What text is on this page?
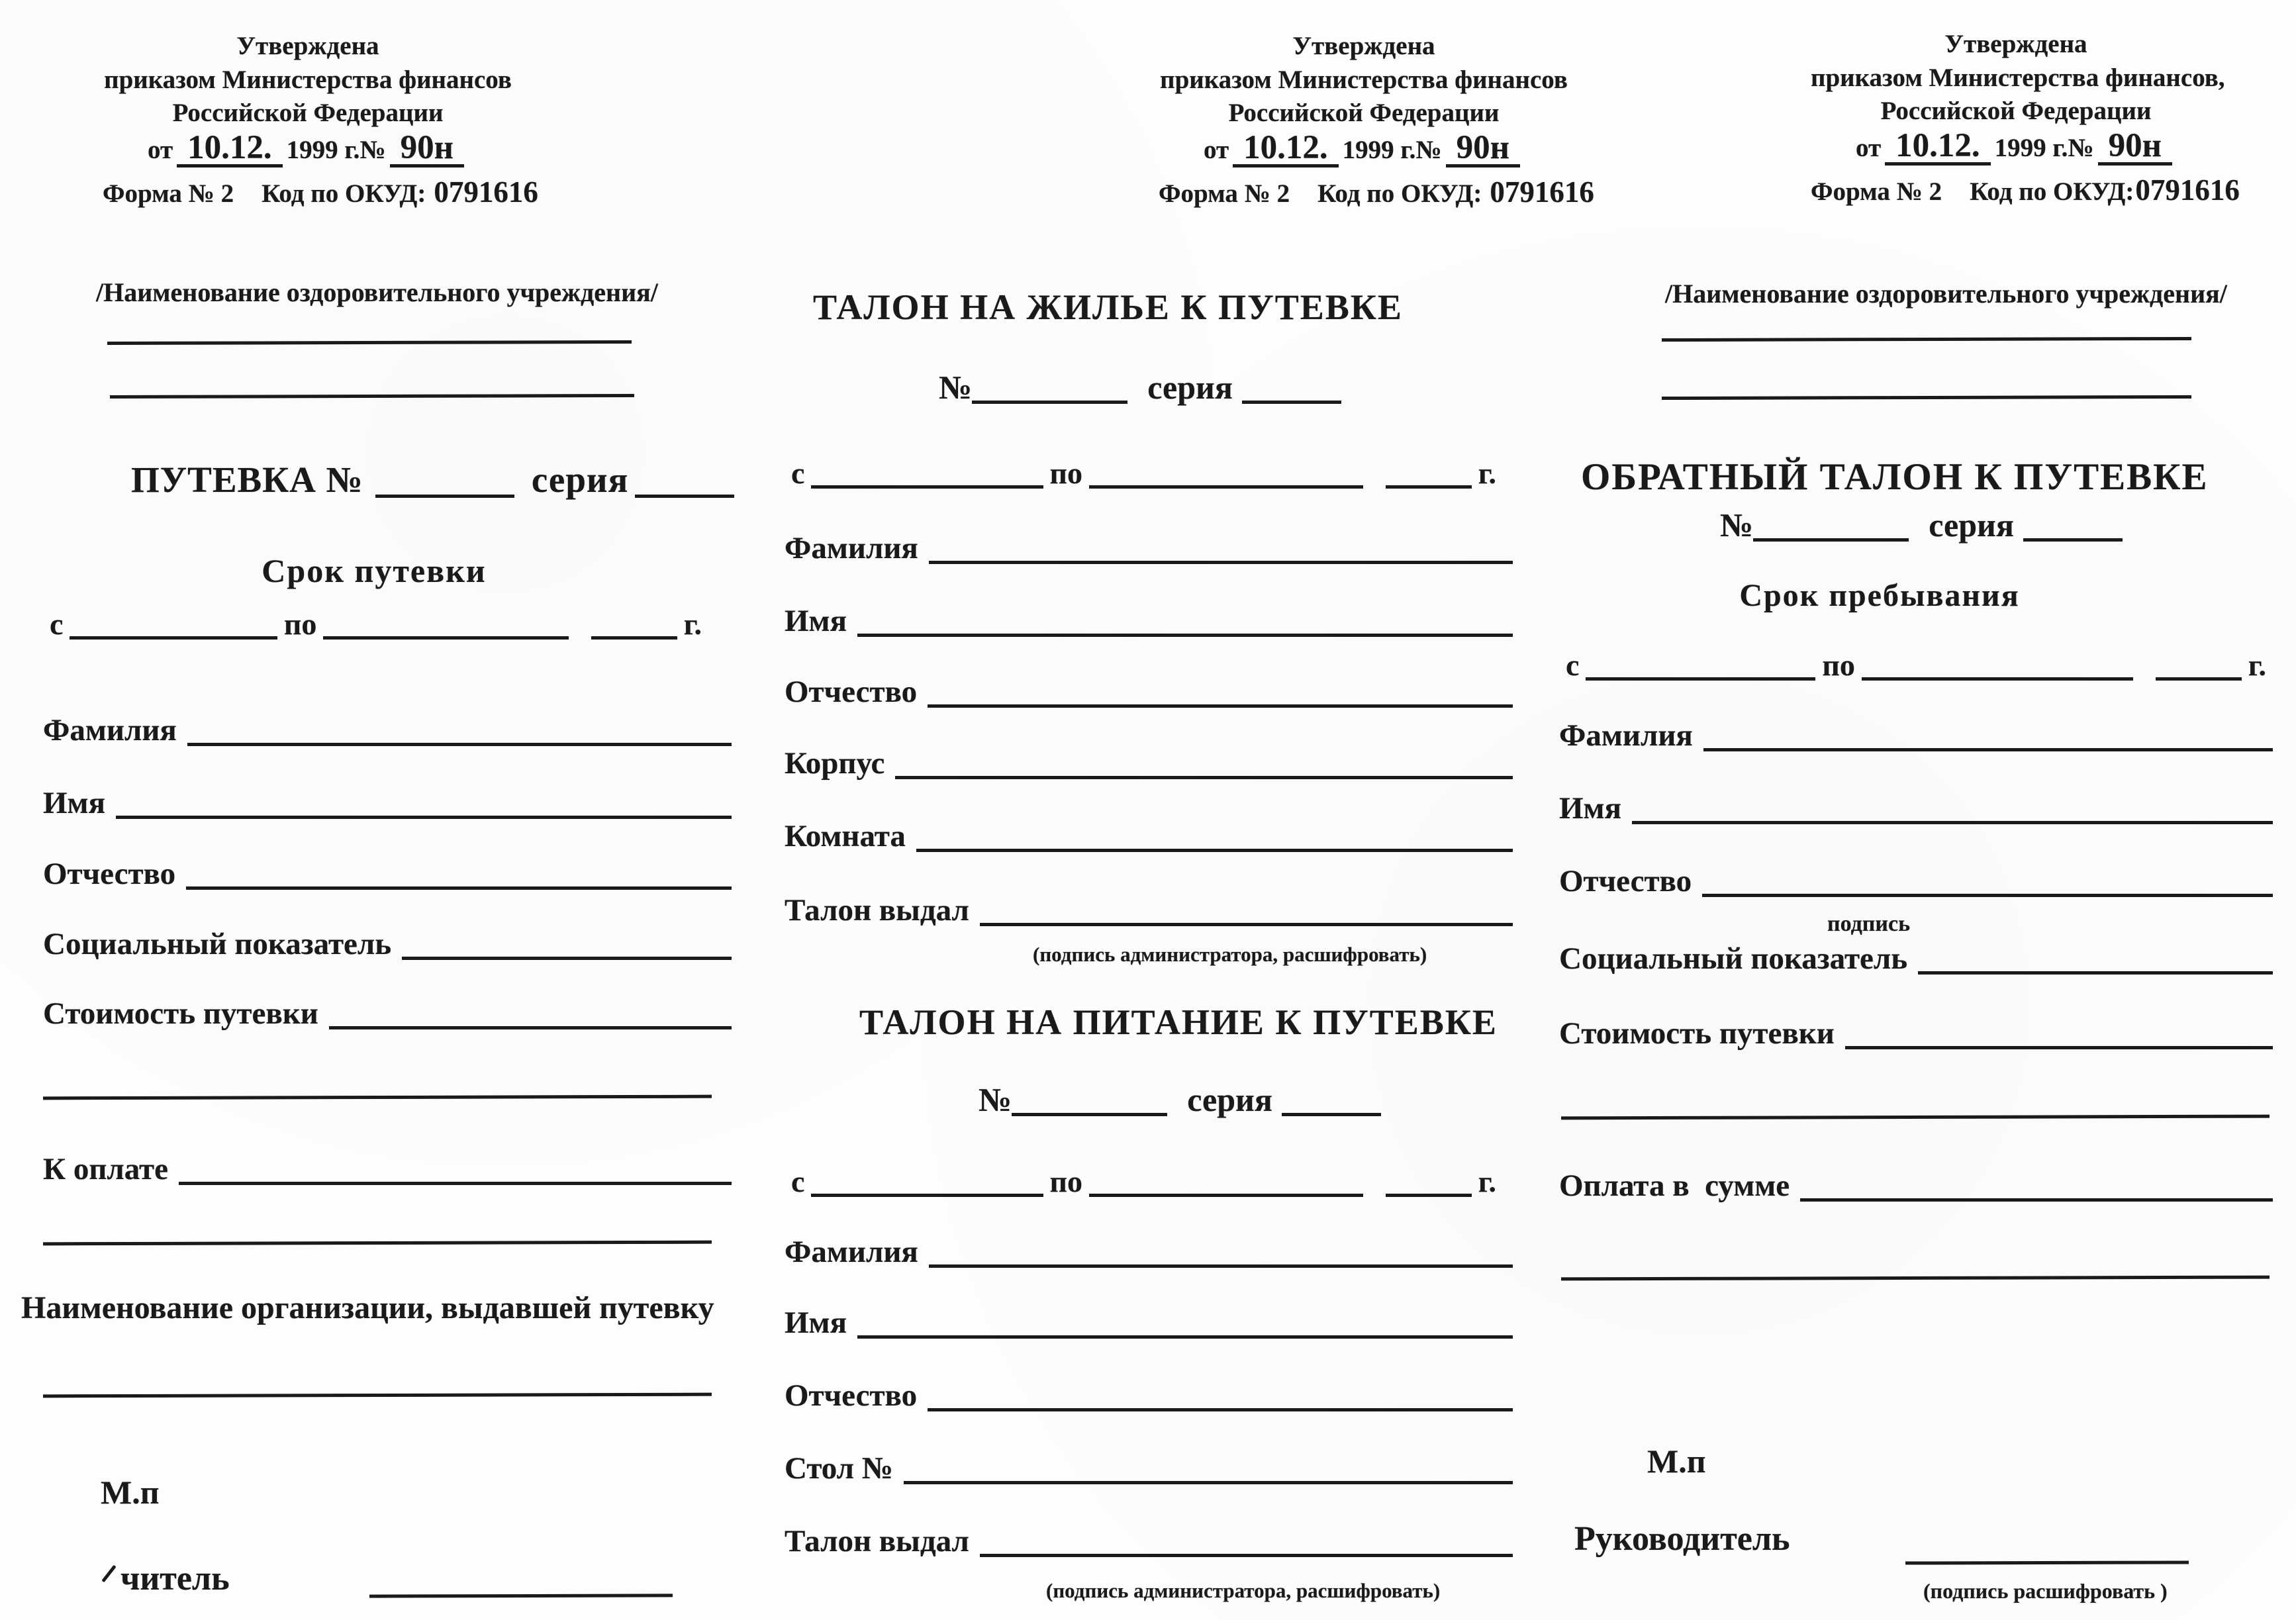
Утверждена
приказом Министерства финансов
Российской Федерации
от 10.12. 1999 г.№ 90н
Форма № 2 Код по ОКУД: 0791616
/Наименование оздоровительного учреждения/
ПУТЕВКА №	серия
Срок путевки
с	по	г.
Фамилия
Имя
Отчество
Социальный показатель
Стоимость путевки
К оплате
Наименование организации, выдавшей путевку
М.п
читель
Утверждена
приказом Министерства финансов
Российской Федерации
от 10.12. 1999 г.№ 90н
Форма № 2 Код по ОКУД: 0791616
ТАЛОН НА ЖИЛЬЕ К ПУТЕВКЕ
№	серия
с	по	г.
Фамилия
Имя
Отчество
Корпус
Комната
Талон выдал
(подпись администратора, расшифровать)
ТАЛОН НА ПИТАНИЕ К ПУТЕВКЕ
№	серия
с	по	г.
Фамилия
Имя
Отчество
Стол №
Талон выдал
(подпись администратора, расшифровать)
Утверждена
приказом Министерства финансов,
Российской Федерации
от 10.12. 1999 г.№ 90н
Форма № 2 Код по ОКУД:0791616
/Наименование оздоровительного учреждения/
ОБРАТНЫЙ ТАЛОН К ПУТЕВКЕ
№	серия
Срок пребывания
с	по	г.
Фамилия
Имя
Отчество
подпись
Социальный показатель
Стоимость путевки
Оплата в  сумме
М.п
Руководитель
(подпись расшифровать )
